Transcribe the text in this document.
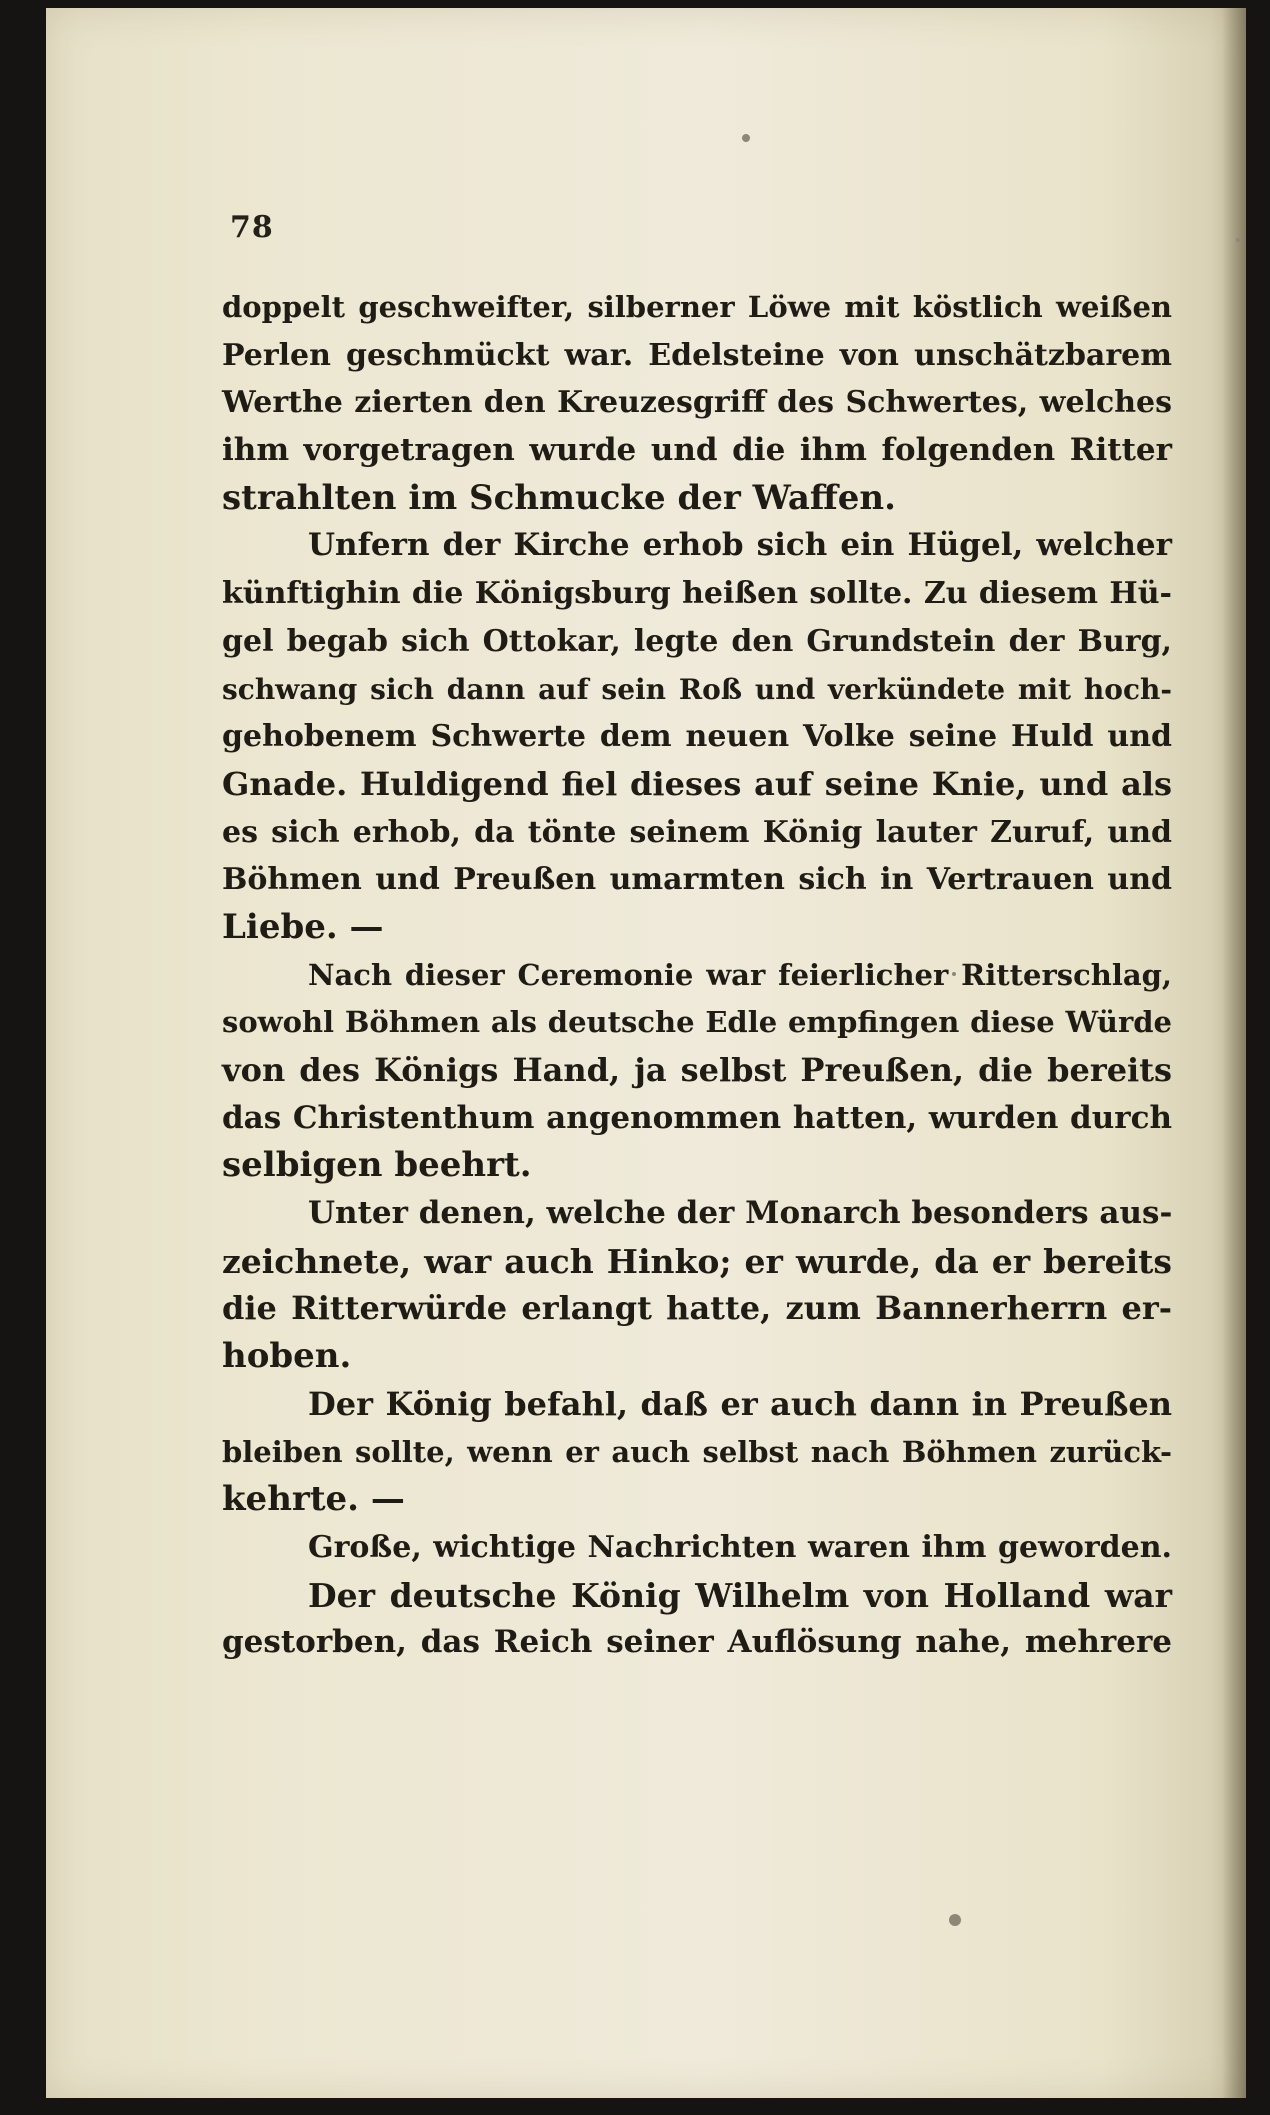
78
doppelt geschweifter, silberner Löwe mit köstlich weißen
Perlen geschmückt war. Edelsteine von unschätzbarem
Werthe zierten den Kreuzesgriff des Schwertes, welches
ihm vorgetragen wurde und die ihm folgenden Ritter
strahlten im Schmucke der Waffen.
Unfern der Kirche erhob sich ein Hügel, welcher
künftighin die Königsburg heißen sollte. Zu diesem Hü-
gel begab sich Ottokar, legte den Grundstein der Burg,
schwang sich dann auf sein Roß und verkündete mit hoch-
gehobenem Schwerte dem neuen Volke seine Huld und
Gnade. Huldigend fiel dieses auf seine Knie, und als
es sich erhob, da tönte seinem König lauter Zuruf, und
Böhmen und Preußen umarmten sich in Vertrauen und
Liebe. —
Nach dieser Ceremonie war feierlicher Ritterschlag,
sowohl Böhmen als deutsche Edle empfingen diese Würde
von des Königs Hand, ja selbst Preußen, die bereits
das Christenthum angenommen hatten, wurden durch
selbigen beehrt.
Unter denen, welche der Monarch besonders aus-
zeichnete, war auch Hinko; er wurde, da er bereits
die Ritterwürde erlangt hatte, zum Bannerherrn er-
hoben.
Der König befahl, daß er auch dann in Preußen
bleiben sollte, wenn er auch selbst nach Böhmen zurück-
kehrte. —
Große, wichtige Nachrichten waren ihm geworden.
Der deutsche König Wilhelm von Holland war
gestorben, das Reich seiner Auflösung nahe, mehrere
